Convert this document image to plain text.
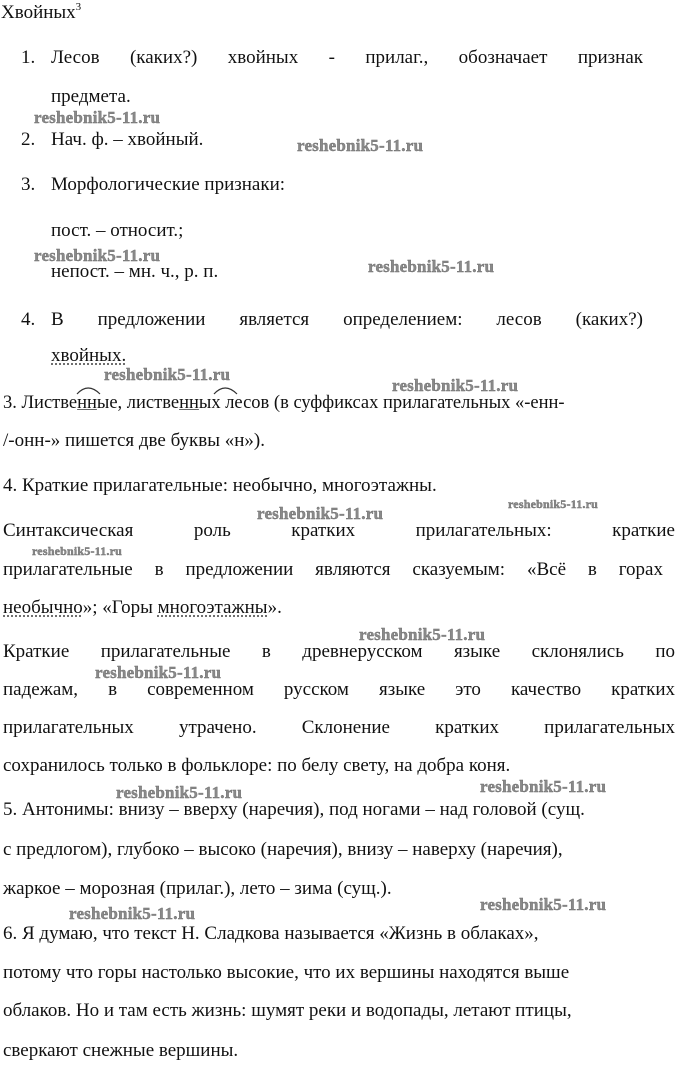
Хвойных$^3$
1. Лесов (каких?) хвойных - прилаг., обозначает признак
предмета.
2. Нач. ф. – хвойный.
3. Морфологические признаки:
пост. – относит.;
непост. – мн. ч., р. п.
4. В предложении является определением: лесов (каких?)
хвойных.
3. Лиственные, лиственных лесов (в суффиксах прилагательных «-енн-
/-онн-» пишется две буквы «н»).
4. Краткие прилагательные: необычно, многоэтажны.
Синтаксическая роль кратких прилагательных: краткие
прилагательные в предложении являются сказуемым: «Всё в горах
необычно»; «Горы многоэтажны».
Краткие прилагательные в древнерусском языке склонялись по
падежам, в современном русском языке это качество кратких
прилагательных утрачено. Склонение кратких прилагательных
сохранилось только в фольклоре: по белу свету, на добра коня.
5. Антонимы: внизу – вверху (наречия), под ногами – над головой (сущ.
с предлогом), глубоко – высоко (наречия), внизу – наверху (наречия),
жаркое – морозная (прилаг.), лето – зима (сущ.).
6. Я думаю, что текст Н. Сладкова называется «Жизнь в облаках»,
потому что горы настолько высокие, что их вершины находятся выше
облаков. Но и там есть жизнь: шумят реки и водопады, летают птицы,
сверкают снежные вершины.
reshebnik5-11.ru
reshebnik5-11.ru
reshebnik5-11.ru
reshebnik5-11.ru
reshebnik5-11.ru
reshebnik5-11.ru
reshebnik5-11.ru
reshebnik5-11.ru
reshebnik5-11.ru
reshebnik5-11.ru
reshebnik5-11.ru
reshebnik5-11.ru	reshebnik5-11.ru
reshebnik5-11.ru
reshebnik5-11.ru
